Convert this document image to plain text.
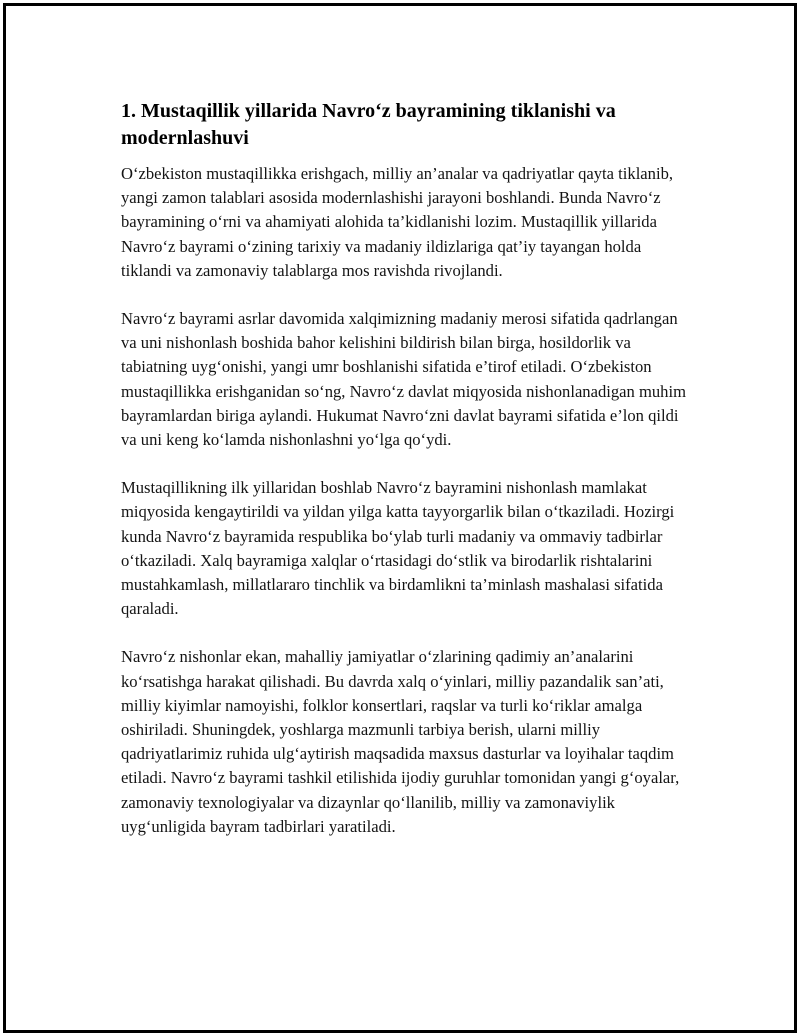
1. Mustaqillik yillarida Navro‘z bayramining tiklanishi va modernlashuvi

O‘zbekiston mustaqillikka erishgach, milliy an’analar va qadriyatlar qayta tiklanib, yangi zamon talablari asosida modernlashishi jarayoni boshlandi. Bunda Navro‘z bayramining o‘rni va ahamiyati alohida ta’kidlanishi lozim. Mustaqillik yillarida Navro‘z bayrami o‘zining tarixiy va madaniy ildizlariga qat’iy tayangan holda tiklandi va zamonaviy talablarga mos ravishda rivojlandi.

Navro‘z bayrami asrlar davomida xalqimizning madaniy merosi sifatida qadrlangan va uni nishonlash boshida bahor kelishini bildirish bilan birga, hosildorlik va tabiatning uyg‘onishi, yangi umr boshlanishi sifatida e’tirof etiladi. O‘zbekiston mustaqillikka erishganidan so‘ng, Navro‘z davlat miqyosida nishonlanadigan muhim bayramlardan biriga aylandi. Hukumat Navro‘zni davlat bayrami sifatida e’lon qildi va uni keng ko‘lamda nishonlashni yo‘lga qo‘ydi.

Mustaqillikning ilk yillaridan boshlab Navro‘z bayramini nishonlash mamlakat miqyosida kengaytirildi va yildan yilga katta tayyorgarlik bilan o‘tkaziladi. Hozirgi kunda Navro‘z bayramida respublika bo‘ylab turli madaniy va ommaviy tadbirlar o‘tkaziladi. Xalq bayramiga xalqlar o‘rtasidagi do‘stlik va birodarlik rishtalarini mustahkamlash, millatlararo tinchlik va birdamlikni ta’minlash mashalasi sifatida qaraladi.

Navro‘z nishonlar ekan, mahalliy jamiyatlar o‘zlarining qadimiy an’analarini ko‘rsatishga harakat qilishadi. Bu davrda xalq o‘yinlari, milliy pazandalik san’ati, milliy kiyimlar namoyishi, folklor konsertlari, raqslar va turli ko‘riklar amalga oshiriladi. Shuningdek, yoshlarga mazmunli tarbiya berish, ularni milliy qadriyatlarimiz ruhida ulg‘aytirish maqsadida maxsus dasturlar va loyihalar taqdim etiladi. Navro‘z bayrami tashkil etilishida ijodiy guruhlar tomonidan yangi g‘oyalar, zamonaviy texnologiyalar va dizaynlar qo‘llanilib, milliy va zamonaviylik uyg‘unligida bayram tadbirlari yaratiladi.
